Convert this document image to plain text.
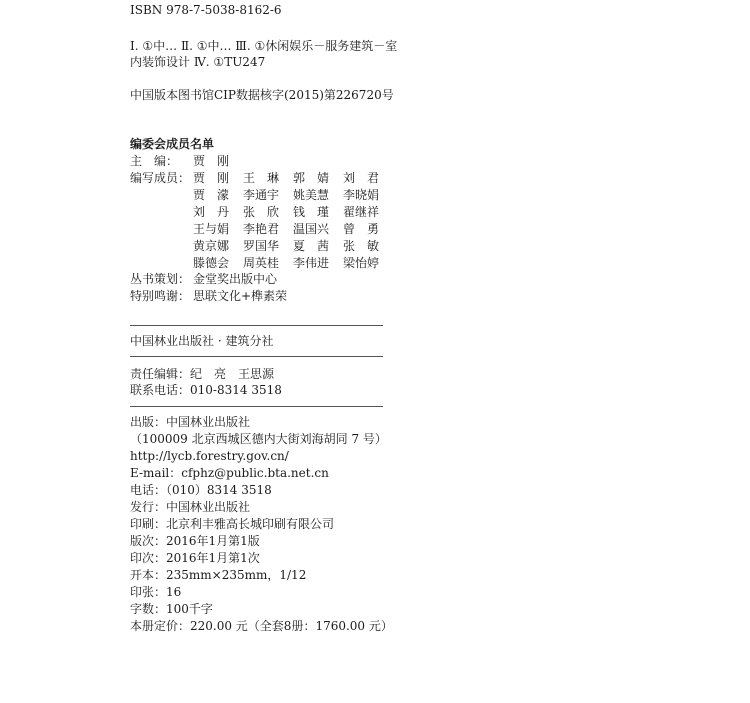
ISBN 978-7-5038-8162-6
Ⅰ. ①中… Ⅱ. ①中… Ⅲ. ①休闲娱乐－服务建筑－室
内装饰设计 Ⅳ. ①TU247
中国版本图书馆CIP数据核字(2015)第226720号
编委会成员名单
主　编： 贾　刚
编写成员： 贾　刚 王　琳 郭　婧 刘　君
贾　濛 李通宇 姚美慧 李晓娟
刘　丹 张　欣 钱　瑾 翟继祥
王与娟 李艳君 温国兴 曾　勇
黄京娜 罗国华 夏　茜 张　敏
滕德会 周英桂 李伟进 梁怡婷
丛书策划： 金堂奖出版中心
特别鸣谢： 思联文化+榫素荣
中国林业出版社 · 建筑分社
责任编辑：纪　亮　王思源
联系电话：010-8314 3518
出版：中国林业出版社
（100009 北京西城区德内大街刘海胡同 7 号）
http://lycb.forestry.gov.cn/
E-mail：cfphz@public.bta.net.cn
电话：（010）8314 3518
发行：中国林业出版社
印刷：北京利丰雅高长城印刷有限公司
版次：2016年1月第1版
印次：2016年1月第1次
开本：235mm×235mm，1/12
印张：16
字数：100千字
本册定价：220.00 元（全套8册：1760.00 元）
